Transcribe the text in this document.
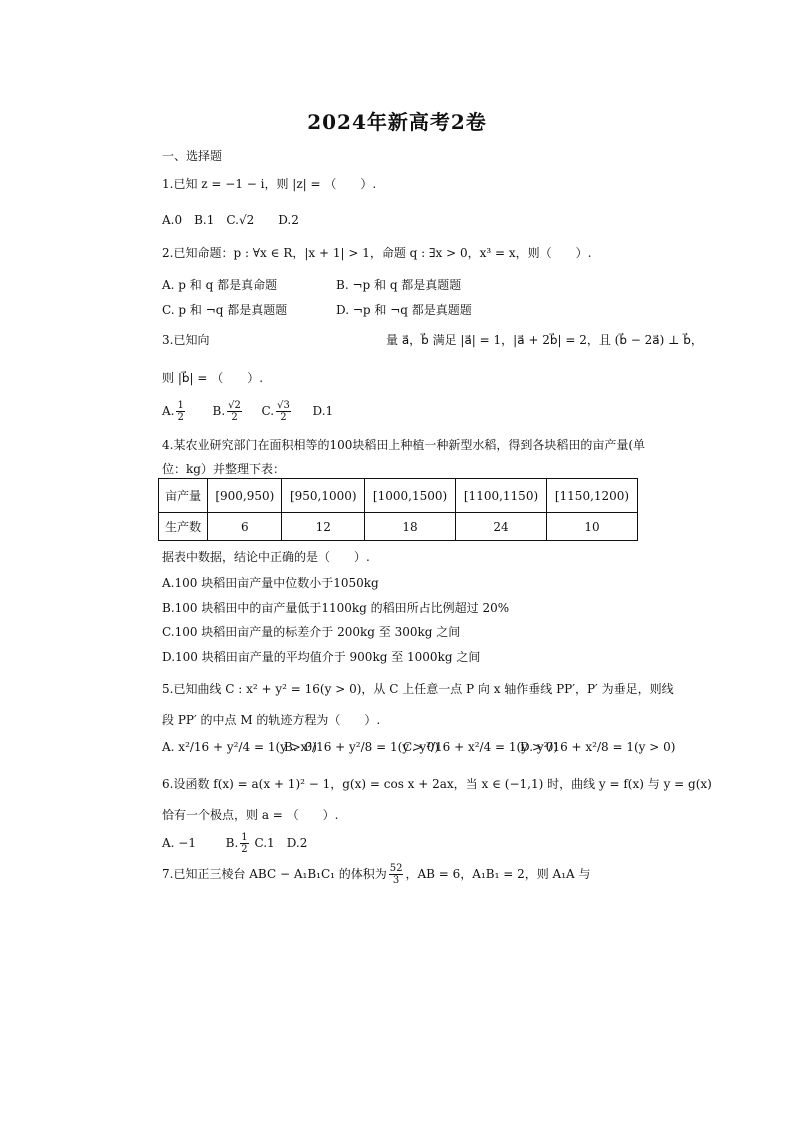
2024年新高考2卷
一、选择题
1.已知 z = −1 − i，则 |z| = （　　）.
A.0　B.1　C.√2　　D.2
2.已知命题：p : ∀x ∈ R，|x + 1| > 1，命题 q : ∃x > 0，x³ = x，则（　　）.
A. p 和 q 都是真命题	B. ¬p 和 q 都是真题题
C. p 和 ¬q 都是真题题	D. ¬p 和 ¬q 都是真题题
3.已知向	量 a⃗，b⃗ 满足 |a⃗| = 1，|a⃗ + 2b⃗| = 2，且 (b⃗ − 2a⃗) ⊥ b⃗，
则 |b⃗| = （　　）.
A. $\frac{1}{2} B$. $\frac{√2}{2} C$. $\frac{√3}{2} D.1$
4.某农业研究部门在面积相等的100块稻田上种植一种新型水稻，得到各块稻田的亩产量(单
位：kg）并整理下表：
亩产量	[900,950)	[950,1000)	[1000,1500)	[1100,1150)	[1150,1200)
生产数	6	12	18	24	10
据表中数据，结论中正确的是（　　）.
A.100 块稻田亩产量中位数小于1050kg
B.100 块稻田中的亩产量低于1100kg 的稻田所占比例超过 20%
C.100 块稻田亩产量的标差介于 200kg 至 300kg 之间
D.100 块稻田亩产量的平均值介于 900kg 至 1000kg 之间
5.已知曲线 C : x² + y² = 16(y > 0)，从 C 上任意一点 P 向 x 轴作垂线 PP′，P′ 为垂足，则线
段 PP′ 的中点 M 的轨迹方程为（　　）.
A. x²/16 + y²/4 = 1(y > 0)
B. x²/16 + y²/8 = 1(y > 0)
C. y²/16 + x²/4 = 1(y > 0)
D. y²/16 + x²/8 = 1(y > 0)
6.设函数 f(x) = a(x + 1)² − 1，g(x) = cos x + 2ax，当 x ∈ (−1,1) 时，曲线 y = f(x) 与 y = g(x)
恰有一个极点，则 a = （　　）.
A. −1 B. $\frac{1}{2} C.1$　D.2
7.已知正三棱台 ABC − A₁B₁C₁ 的体积为 $\frac{52}{3}$ ，AB = 6，A₁B₁ = 2，则 A₁A 与
